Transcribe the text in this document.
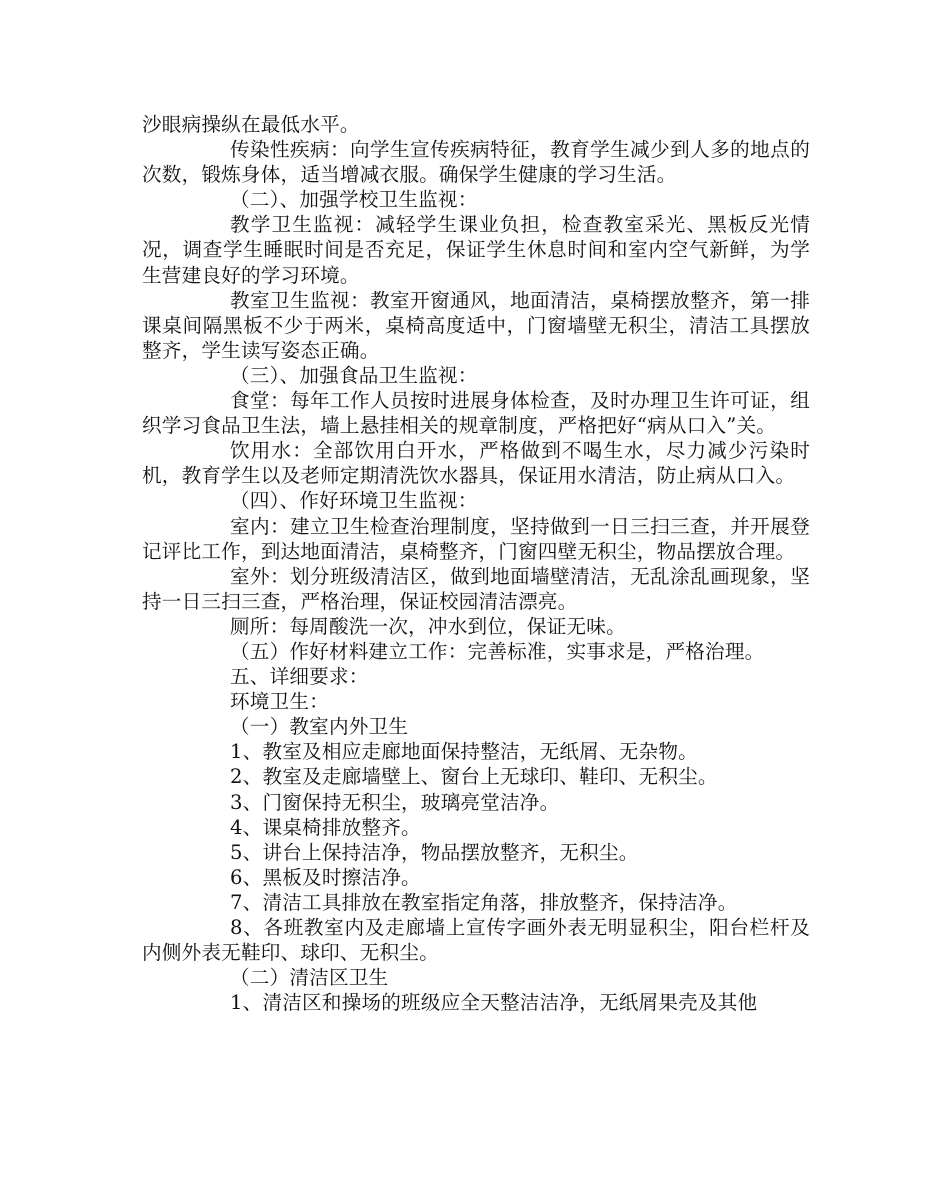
沙眼病操纵在最低水平。

传染性疾病：向学生宣传疾病特征，教育学生减少到人多的地点的次数，锻炼身体，适当增减衣服。确保学生健康的学习生活。

（二）、加强学校卫生监视：

教学卫生监视：减轻学生课业负担，检查教室采光、黑板反光情况，调查学生睡眠时间是否充足，保证学生休息时间和室内空气新鲜，为学生营建良好的学习环境。

教室卫生监视：教室开窗通风，地面清洁，桌椅摆放整齐，第一排课桌间隔黑板不少于两米，桌椅高度适中，门窗墙壁无积尘，清洁工具摆放整齐，学生读写姿态正确。

（三）、加强食品卫生监视：

食堂：每年工作人员按时进展身体检查，及时办理卫生许可证，组织学习食品卫生法，墙上悬挂相关的规章制度，严格把好“病从口入”关。

饮用水：全部饮用白开水，严格做到不喝生水，尽力减少污染时机，教育学生以及老师定期清洗饮水器具，保证用水清洁，防止病从口入。

（四）、作好环境卫生监视：

室内：建立卫生检查治理制度，坚持做到一日三扫三查，并开展登记评比工作，到达地面清洁，桌椅整齐，门窗四壁无积尘，物品摆放合理。

室外：划分班级清洁区，做到地面墙壁清洁，无乱涂乱画现象，坚持一日三扫三查，严格治理，保证校园清洁漂亮。

厕所：每周酸洗一次，冲水到位，保证无味。

（五）作好材料建立工作：完善标准，实事求是，严格治理。

五、详细要求：

环境卫生：

（一）教室内外卫生

1、教室及相应走廊地面保持整洁，无纸屑、无杂物。

2、教室及走廊墙壁上、窗台上无球印、鞋印、无积尘。

3、门窗保持无积尘，玻璃亮堂洁净。

4、课桌椅排放整齐。

5、讲台上保持洁净，物品摆放整齐，无积尘。

6、黑板及时擦洁净。

7、清洁工具排放在教室指定角落，排放整齐，保持洁净。

8、各班教室内及走廊墙上宣传字画外表无明显积尘，阳台栏杆及内侧外表无鞋印、球印、无积尘。

（二）清洁区卫生

1、清洁区和操场的班级应全天整洁洁净，无纸屑果壳及其他
